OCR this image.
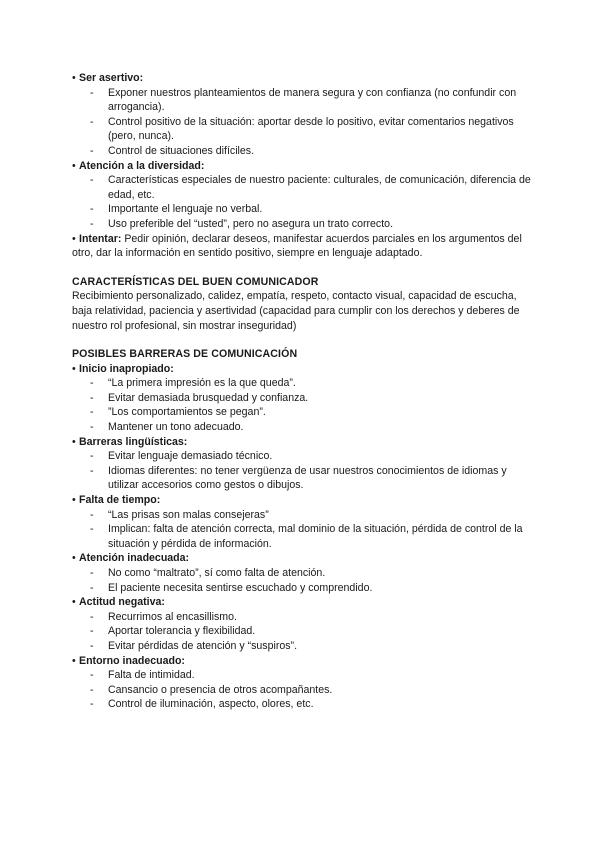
• Ser asertivo:

- Exponer nuestros planteamientos de manera segura y con confianza (no confundir con arrogancia).
- Control positivo de la situación: aportar desde lo positivo, evitar comentarios negativos (pero, nunca).
- Control de situaciones difíciles.

• Atención a la diversidad:

- Características especiales de nuestro paciente: culturales, de comunicación, diferencia de edad, etc.
- Importante el lenguaje no verbal.
- Uso preferible del “usted”, pero no asegura un trato correcto.

• Intentar: Pedir opinión, declarar deseos, manifestar acuerdos parciales en los argumentos del otro, dar la información en sentido positivo, siempre en lenguaje adaptado.

CARACTERÍSTICAS DEL BUEN COMUNICADOR

Recibimiento personalizado, calidez, empatía, respeto, contacto visual, capacidad de escucha, baja relatividad, paciencia y asertividad (capacidad para cumplir con los derechos y deberes de nuestro rol profesional, sin mostrar inseguridad)

POSIBLES BARRERAS DE COMUNICACIÓN

• Inicio inapropiado:

- “La primera impresión es la que queda”.
- Evitar demasiada brusquedad y confianza.
- ”Los comportamientos se pegan”.
- Mantener un tono adecuado.

• Barreras lingüísticas:

- Evitar lenguaje demasiado técnico.
- Idiomas diferentes: no tener vergüenza de usar nuestros conocimientos de idiomas y utilizar accesorios como gestos o dibujos.

• Falta de tiempo:

- “Las prisas son malas consejeras”
- Implican: falta de atención correcta, mal dominio de la situación, pérdida de control de la situación y pérdida de información.

• Atención inadecuada:

- No como “maltrato”, sí como falta de atención.
- El paciente necesita sentirse escuchado y comprendido.

• Actitud negativa:

- Recurrimos al encasillismo.
- Aportar tolerancia y flexibilidad.
- Evitar pérdidas de atención y “suspiros”.

• Entorno inadecuado:

- Falta de intimidad.
- Cansancio o presencia de otros acompañantes.
- Control de iluminación, aspecto, olores, etc.
